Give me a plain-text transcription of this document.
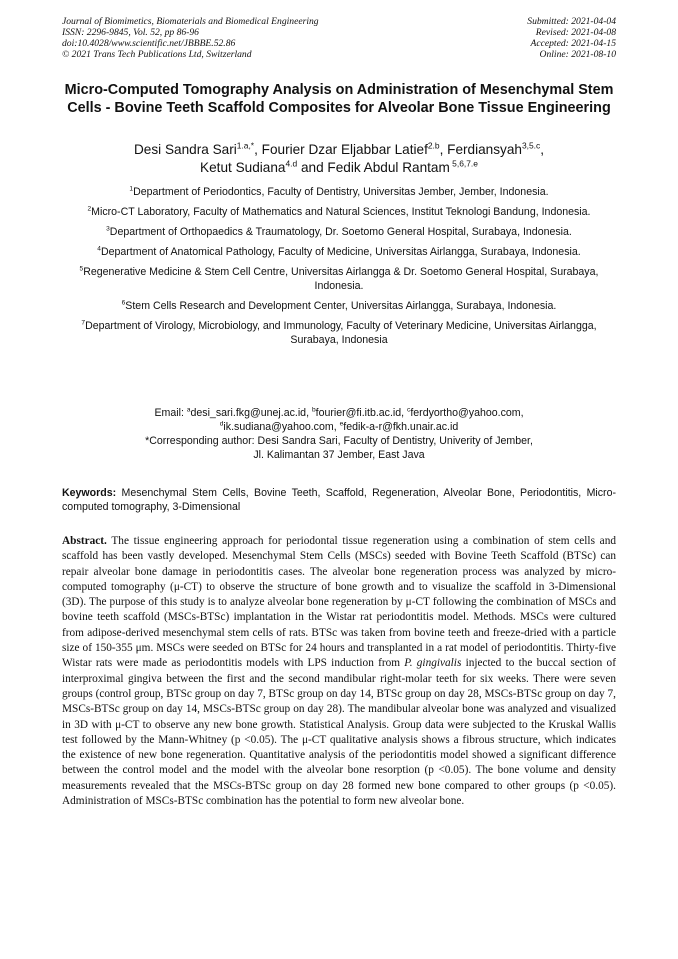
Journal of Biomimetics, Biomaterials and Biomedical Engineering
ISSN: 2296-9845, Vol. 52, pp 86-96
doi:10.4028/www.scientific.net/JBBBE.52.86
© 2021 Trans Tech Publications Ltd, Switzerland
Submitted: 2021-04-04
Revised: 2021-04-08
Accepted: 2021-04-15
Online: 2021-08-10
Micro-Computed Tomography Analysis on Administration of Mesenchymal Stem Cells - Bovine Teeth Scaffold Composites for Alveolar Bone Tissue Engineering
Desi Sandra Sari$^{1.a,*}$, Fourier Dzar Eljabbar Latief$^{2.b}$, Ferdiansyah$^{3,5.c}$,
Ketut Sudiana$^{4.d}$ and Fedik Abdul Rantam $^{5,6,7.e}$
$^1$Department of Periodontics, Faculty of Dentistry, Universitas Jember, Jember, Indonesia.
$^2$Micro-CT Laboratory, Faculty of Mathematics and Natural Sciences, Institut Teknologi Bandung, Indonesia.
$^3$Department of Orthopaedics & Traumatology, Dr. Soetomo General Hospital, Surabaya, Indonesia.
$^4$Department of Anatomical Pathology, Faculty of Medicine, Universitas Airlangga, Surabaya, Indonesia.
$^5$Regenerative Medicine & Stem Cell Centre, Universitas Airlangga & Dr. Soetomo General Hospital, Surabaya, Indonesia.
$^6$Stem Cells Research and Development Center, Universitas Airlangga, Surabaya, Indonesia.
$^7$Department of Virology, Microbiology, and Immunology, Faculty of Veterinary Medicine, Universitas Airlangga, Surabaya, Indonesia
Email: $^a$desi_sari.fkg@unej.ac.id, $^b$fourier@fi.itb.ac.id, $^c$ferdyortho@yahoo.com,
$^d$ik.sudiana@yahoo.com, $^e$fedik-a-r@fkh.unair.ac.id
*Corresponding author: Desi Sandra Sari, Faculty of Dentistry, Univerity of Jember,
Jl. Kalimantan 37 Jember, East Java
Keywords: Mesenchymal Stem Cells, Bovine Teeth, Scaffold, Regeneration, Alveolar Bone, Periodontitis, Micro-computed tomography, 3-Dimensional
Abstract. The tissue engineering approach for periodontal tissue regeneration using a combination of stem cells and scaffold has been vastly developed. Mesenchymal Stem Cells (MSCs) seeded with Bovine Teeth Scaffold (BTSc) can repair alveolar bone damage in periodontitis cases. The alveolar bone regeneration process was analyzed by micro-computed tomography (μ-CT) to observe the structure of bone growth and to visualize the scaffold in 3-Dimensional (3D). The purpose of this study is to analyze alveolar bone regeneration by μ-CT following the combination of MSCs and bovine teeth scaffold (MSCs-BTSc) implantation in the Wistar rat periodontitis model. Methods. MSCs were cultured from adipose-derived mesenchymal stem cells of rats. BTSc was taken from bovine teeth and freeze-dried with a particle size of 150-355 μm. MSCs were seeded on BTSc for 24 hours and transplanted in a rat model of periodontitis. Thirty-five Wistar rats were made as periodontitis models with LPS induction from P. gingivalis injected to the buccal section of interproximal gingiva between the first and the second mandibular right-molar teeth for six weeks. There were seven groups (control group, BTSc group on day 7, BTSc group on day 14, BTSc group on day 28, MSCs-BTSc group on day 7, MSCs-BTSc group on day 14, MSCs-BTSc group on day 28). The mandibular alveolar bone was analyzed and visualized in 3D with μ-CT to observe any new bone growth. Statistical Analysis. Group data were subjected to the Kruskal Wallis test followed by the Mann-Whitney (p <0.05). The μ-CT qualitative analysis shows a fibrous structure, which indicates the existence of new bone regeneration. Quantitative analysis of the periodontitis model showed a significant difference between the control model and the model with the alveolar bone resorption (p <0.05). The bone volume and density measurements revealed that the MSCs-BTSc group on day 28 formed new bone compared to other groups (p <0.05). Administration of MSCs-BTSc combination has the potential to form new alveolar bone.
